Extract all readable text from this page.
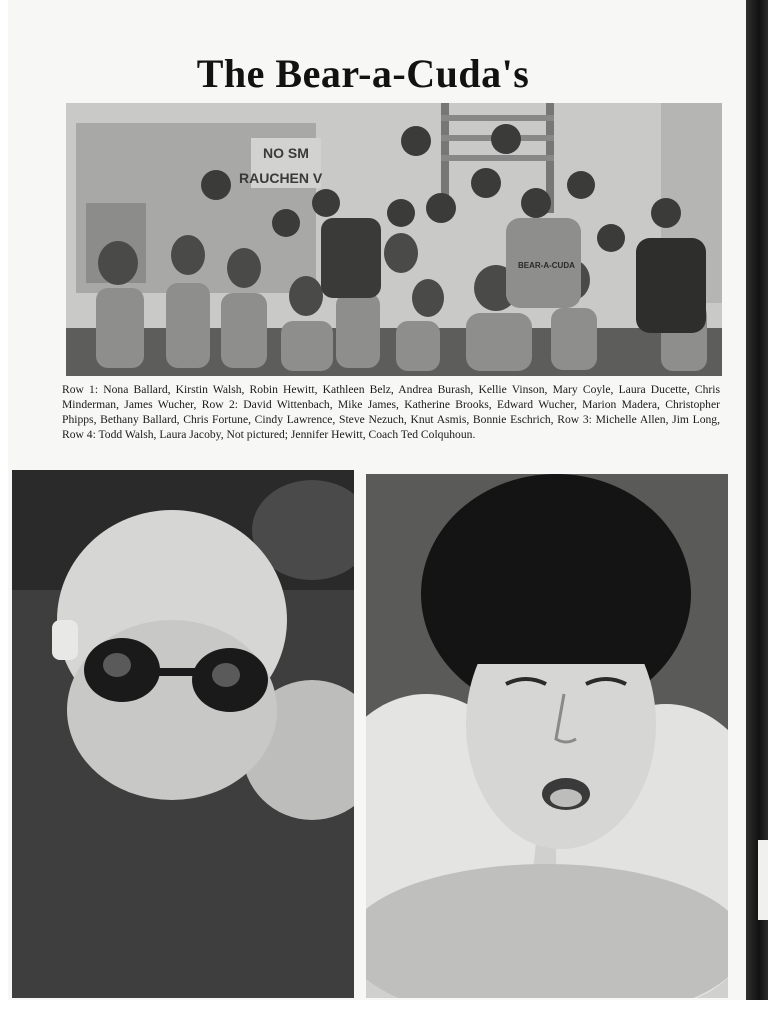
The Bear-a-Cuda's
NO SM
RAUCHEN V
BEAR-A-CUDA
Row 1: Nona Ballard, Kirstin Walsh, Robin Hewitt, Kathleen Belz, Andrea Burash, Kellie Vinson, Mary Coyle, Laura Ducette, Chris Minderman, James Wucher, Row 2: David Wittenbach, Mike James, Katherine Brooks, Edward Wucher, Marion Madera, Christopher Phipps, Bethany Ballard, Chris Fortune, Cindy Lawrence, Steve Nezuch, Knut Asmis, Bonnie Eschrich, Row 3: Michelle Allen, Jim Long, Row 4: Todd Walsh, Laura Jacoby, Not pictured; Jennifer Hewitt, Coach Ted Colquhoun.
